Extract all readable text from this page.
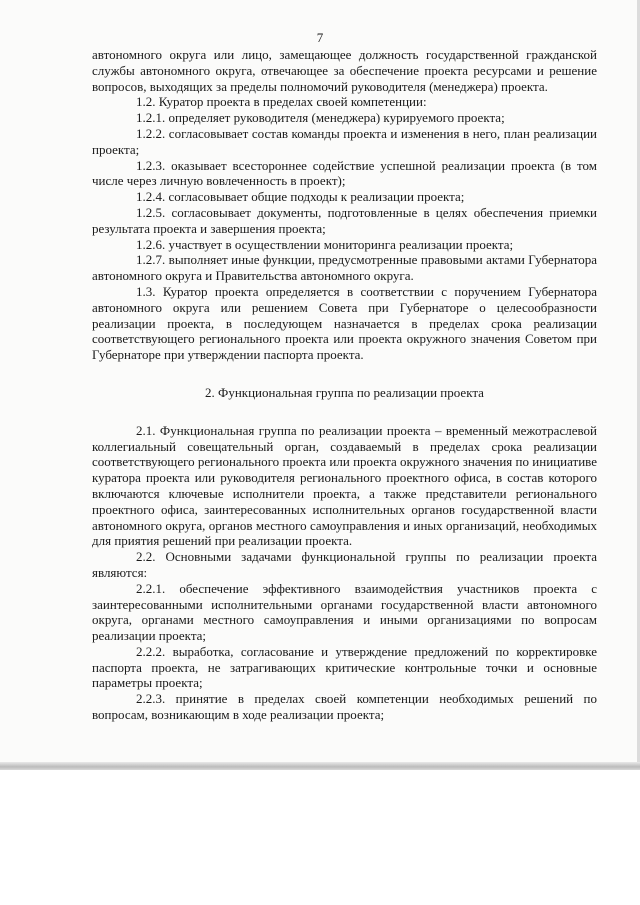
7

автономного округа или лицо, замещающее должность государственной гражданской службы автономного округа, отвечающее за обеспечение проекта ресурсами и решение вопросов, выходящих за пределы полномочий руководителя (менеджера) проекта.

1.2. Куратор проекта в пределах своей компетенции:

1.2.1. определяет руководителя (менеджера) курируемого проекта;

1.2.2. согласовывает состав команды проекта и изменения в него, план реализации проекта;

1.2.3. оказывает всестороннее содействие успешной реализации проекта (в том числе через личную вовлеченность в проект);

1.2.4. согласовывает общие подходы к реализации проекта;

1.2.5. согласовывает документы, подготовленные в целях обеспечения приемки результата проекта и завершения проекта;

1.2.6. участвует в осуществлении мониторинга реализации проекта;

1.2.7. выполняет иные функции, предусмотренные правовыми актами Губернатора автономного округа и Правительства автономного округа.

1.3. Куратор проекта определяется в соответствии с поручением Губернатора автономного округа или решением Совета при Губернаторе о целесообразности реализации проекта, в последующем назначается в пределах срока реализации соответствующего регионального проекта или проекта окружного значения Советом при Губернаторе при утверждении паспорта проекта.

2. Функциональная группа по реализации проекта

2.1. Функциональная группа по реализации проекта – временный межотраслевой коллегиальный совещательный орган, создаваемый в пределах срока реализации соответствующего регионального проекта или проекта окружного значения по инициативе куратора проекта или руководителя регионального проектного офиса, в состав которого включаются ключевые исполнители проекта, а также представители регионального проектного офиса, заинтересованных исполнительных органов государственной власти автономного округа, органов местного самоуправления и иных организаций, необходимых для приятия решений при реализации проекта.

2.2. Основными задачами функциональной группы по реализации проекта являются:

2.2.1. обеспечение эффективного взаимодействия участников проекта с заинтересованными исполнительными органами государственной власти автономного округа, органами местного самоуправления и иными организациями по вопросам реализации проекта;

2.2.2. выработка, согласование и утверждение предложений по корректировке паспорта проекта, не затрагивающих критические контрольные точки и основные параметры проекта;

2.2.3. принятие в пределах своей компетенции необходимых решений по вопросам, возникающим в ходе реализации проекта;
